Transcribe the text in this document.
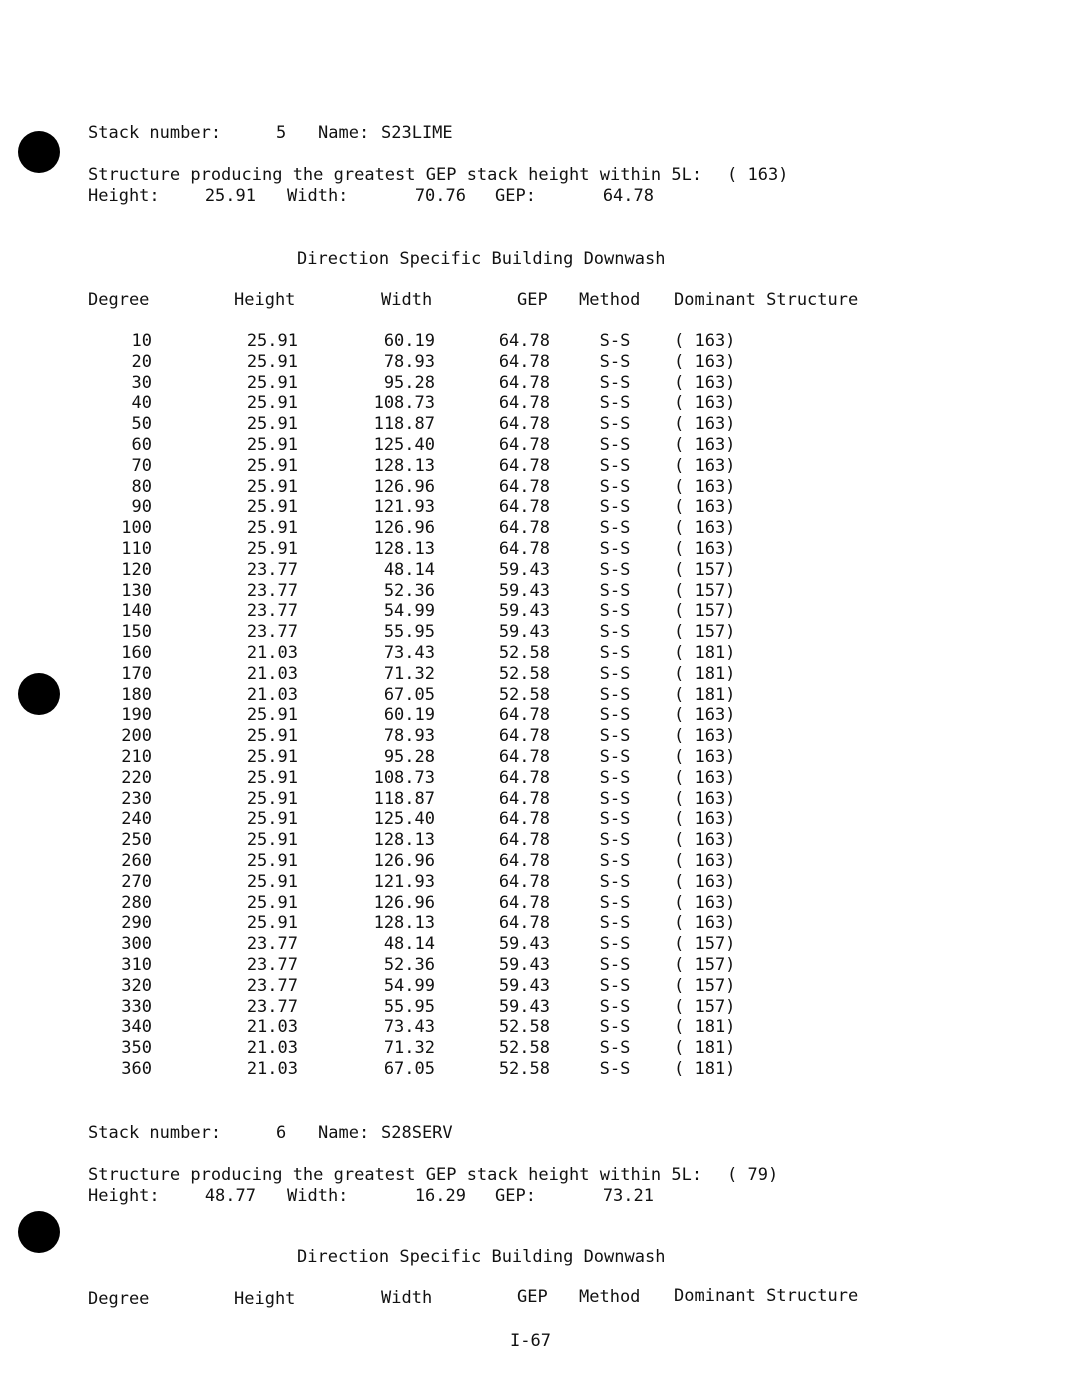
Stack number:	5 Name: S23LIME
Structure producing the greatest GEP stack height within 5L: ( 163)
Height:	25.91 Width:	70.76 GEP:	64.78
Direction Specific Building Downwash
Degree	Height	Width	GEP Method Dominant Structure
10	25.91	60.19	64.78	S-S	( 163)
20	25.91	78.93	64.78	S-S	( 163)
30	25.91	95.28	64.78	S-S	( 163)
40	25.91	108.73	64.78	S-S	( 163)
50	25.91	118.87	64.78	S-S	( 163)
60	25.91	125.40	64.78	S-S	( 163)
70	25.91	128.13	64.78	S-S	( 163)
80	25.91	126.96	64.78	S-S	( 163)
90	25.91	121.93	64.78	S-S	( 163)
100	25.91	126.96	64.78	S-S	( 163)
110	25.91	128.13	64.78	S-S	( 163)
120	23.77	48.14	59.43	S-S	( 157)
130	23.77	52.36	59.43	S-S	( 157)
140	23.77	54.99	59.43	S-S	( 157)
150	23.77	55.95	59.43	S-S	( 157)
160	21.03	73.43	52.58	S-S	( 181)
170	21.03	71.32	52.58	S-S	( 181)
180	21.03	67.05	52.58	S-S	( 181)
190	25.91	60.19	64.78	S-S	( 163)
200	25.91	78.93	64.78	S-S	( 163)
210	25.91	95.28	64.78	S-S	( 163)
220	25.91	108.73	64.78	S-S	( 163)
230	25.91	118.87	64.78	S-S	( 163)
240	25.91	125.40	64.78	S-S	( 163)
250	25.91	128.13	64.78	S-S	( 163)
260	25.91	126.96	64.78	S-S	( 163)
270	25.91	121.93	64.78	S-S	( 163)
280	25.91	126.96	64.78	S-S	( 163)
290	25.91	128.13	64.78	S-S	( 163)
300	23.77	48.14	59.43	S-S	( 157)
310	23.77	52.36	59.43	S-S	( 157)
320	23.77	54.99	59.43	S-S	( 157)
330	23.77	55.95	59.43	S-S	( 157)
340	21.03	73.43	52.58	S-S	( 181)
350	21.03	71.32	52.58	S-S	( 181)
360	21.03	67.05	52.58	S-S	( 181)
Stack number:	6 Name: S28SERV
Structure producing the greatest GEP stack height within 5L: ( 79)
Height:	48.77 Width:	16.29 GEP:	73.21
Direction Specific Building Downwash
Degree	Height	Width	GEP Method Dominant Structure
I-67
